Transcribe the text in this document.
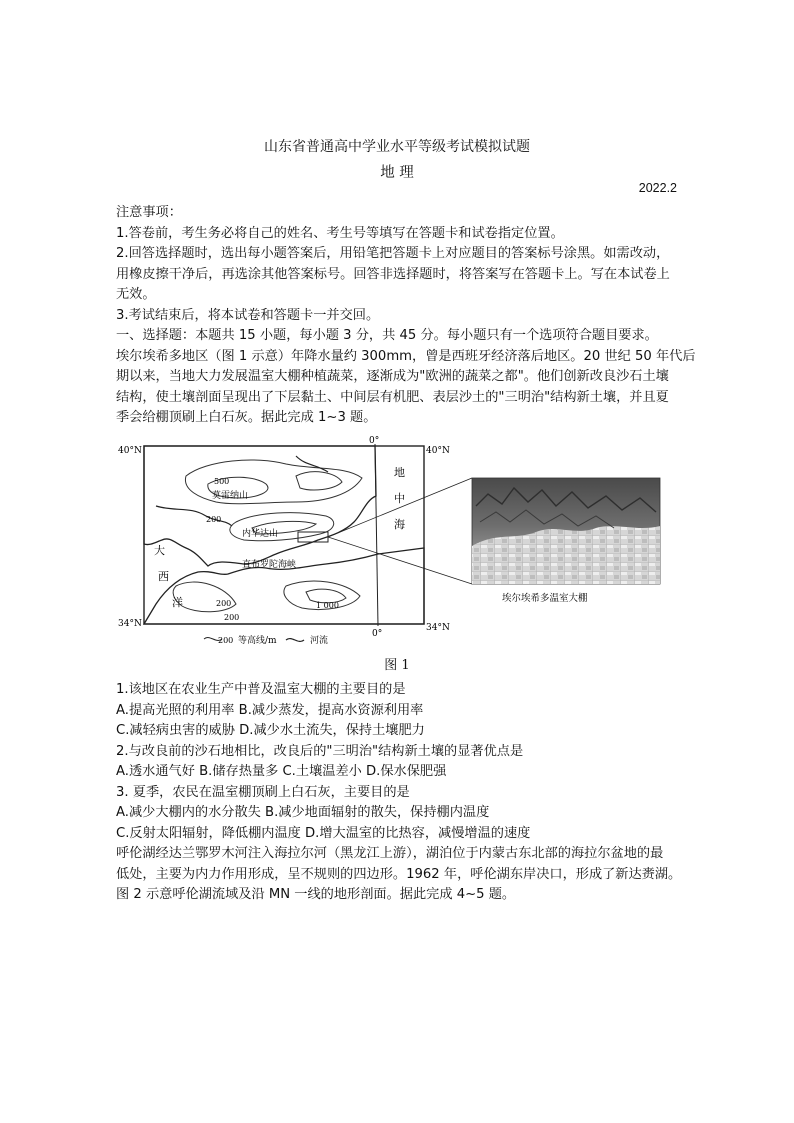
山东省普通高中学业水平等级考试模拟试题
地 理
2022.2

注意事项：

1.答卷前，考生务必将自己的姓名、考生号等填写在答题卡和试卷指定位置。

2.回答选择题时，选出每小题答案后，用铅笔把答题卡上对应题目的答案标号涂黑。如需改动，

用橡皮擦干净后，再选涂其他答案标号。回答非选择题时，将答案写在答题卡上。写在本试卷上

无效。

3.考试结束后，将本试卷和答题卡一并交回。

一、选择题：本题共 15 小题，每小题 3 分，共 45 分。每小题只有一个选项符合题目要求。

埃尔埃希多地区（图 1 示意）年降水量约 300mm，曾是西班牙经济落后地区。20 世纪 50 年代后

期以来，当地大力发展温室大棚种植蔬菜，逐渐成为"欧洲的蔬菜之都"。他们创新改良沙石土壤

结构，使土壤剖面呈现出了下层黏土、中间层有机肥、表层沙土的"三明治"结构新土壤，并且夏

季会给棚顶刷上白石灰。据此完成 1~3 题。

40°N	40°N
34°N	34°N
0°
0°
地
中
海
大
西
洋
莫雷纳山
内华达山
直布罗陀海峡
500
200
200
200
1 000
200 等高线/m	河流
埃尔埃希多温室大棚
图 1

1.该地区在农业生产中普及温室大棚的主要目的是

A.提高光照的利用率 B.减少蒸发，提高水资源利用率

C.减轻病虫害的威胁 D.减少水土流失，保持土壤肥力

2.与改良前的沙石地相比，改良后的"三明治"结构新土壤的显著优点是

A.透水通气好 B.储存热量多 C.土壤温差小 D.保水保肥强

3. 夏季，农民在温室棚顶刷上白石灰，主要目的是

A.减少大棚内的水分散失 B.减少地面辐射的散失，保持棚内温度

C.反射太阳辐射，降低棚内温度 D.增大温室的比热容，减慢增温的速度

呼伦湖经达兰鄂罗木河注入海拉尔河（黑龙江上游），湖泊位于内蒙古东北部的海拉尔盆地的最

低处，主要为内力作用形成，呈不规则的四边形。1962 年，呼伦湖东岸决口，形成了新达赉湖。

图 2 示意呼伦湖流域及沿 MN 一线的地形剖面。据此完成 4~5 题。
